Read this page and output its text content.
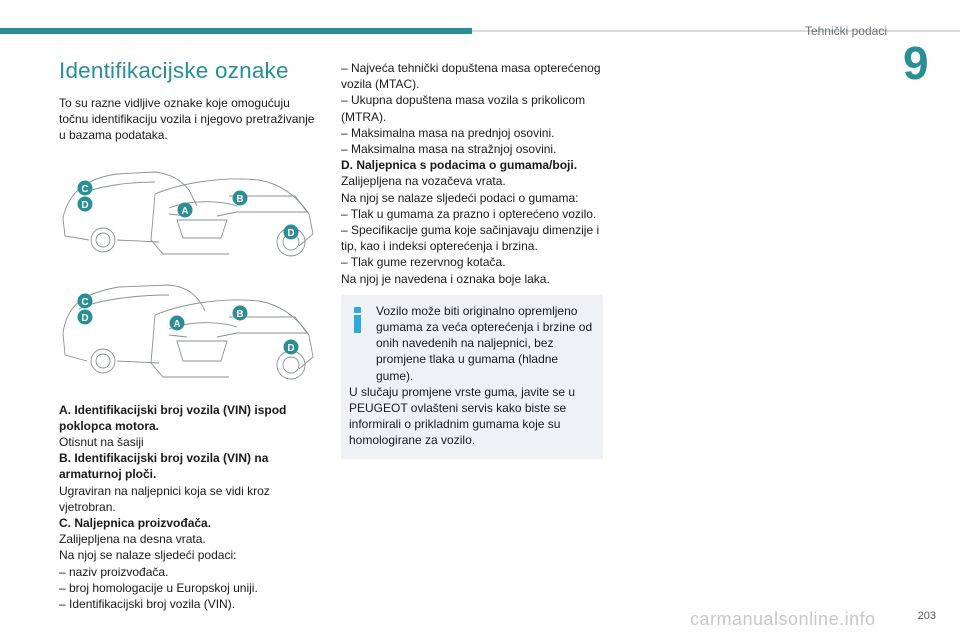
Tehnički podaci
9
Identifikacijske oznake

To su razne vidljive oznake koje omogućuju točnu identifikaciju vozila i njegovo pretraživanje u bazama podataka.

C
D
A
B
D

C
D
A
B
D

A. Identifikacijski broj vozila (VIN) ispod poklopca motora.

Otisnut na šasiji

B. Identifikacijski broj vozila (VIN) na armaturnoj ploči.

Ugraviran na naljepnici koja se vidi kroz vjetrobran.

C. Naljepnica proizvođača.

Zalijepljena na desna vrata.

Na njoj se nalaze sljedeći podaci:

– naziv proizvođača.

– broj homologacije u Europskoj uniji.

– Identifikacijski broj vozila (VIN).

– Najveća tehnički dopuštena masa opterećenog vozila (MTAC).

– Ukupna dopuštena masa vozila s prikolicom (MTRA).

– Maksimalna masa na prednjoj osovini.

– Maksimalna masa na stražnjoj osovini.

D. Naljepnica s podacima o gumama/boji.

Zalijepljena na vozačeva vrata.

Na njoj se nalaze sljedeći podaci o gumama:

– Tlak u gumama za prazno i opterećeno vozilo.

– Specifikacije guma koje sačinjavaju dimenzije i tip, kao i indeksi opterećenja i brzina.

– Tlak gume rezervnog kotača.

Na njoj je navedena i oznaka boje laka.

Vozilo može biti originalno opremljeno gumama za veća opterećenja i brzine od onih navedenih na naljepnici, bez promjene tlaka u gumama (hladne gume).

U slučaju promjene vrste guma, javite se u PEUGEOT ovlašteni servis kako biste se informirali o prikladnim gumama koje su homologirane za vozilo.

carmanualsonline.info	203
